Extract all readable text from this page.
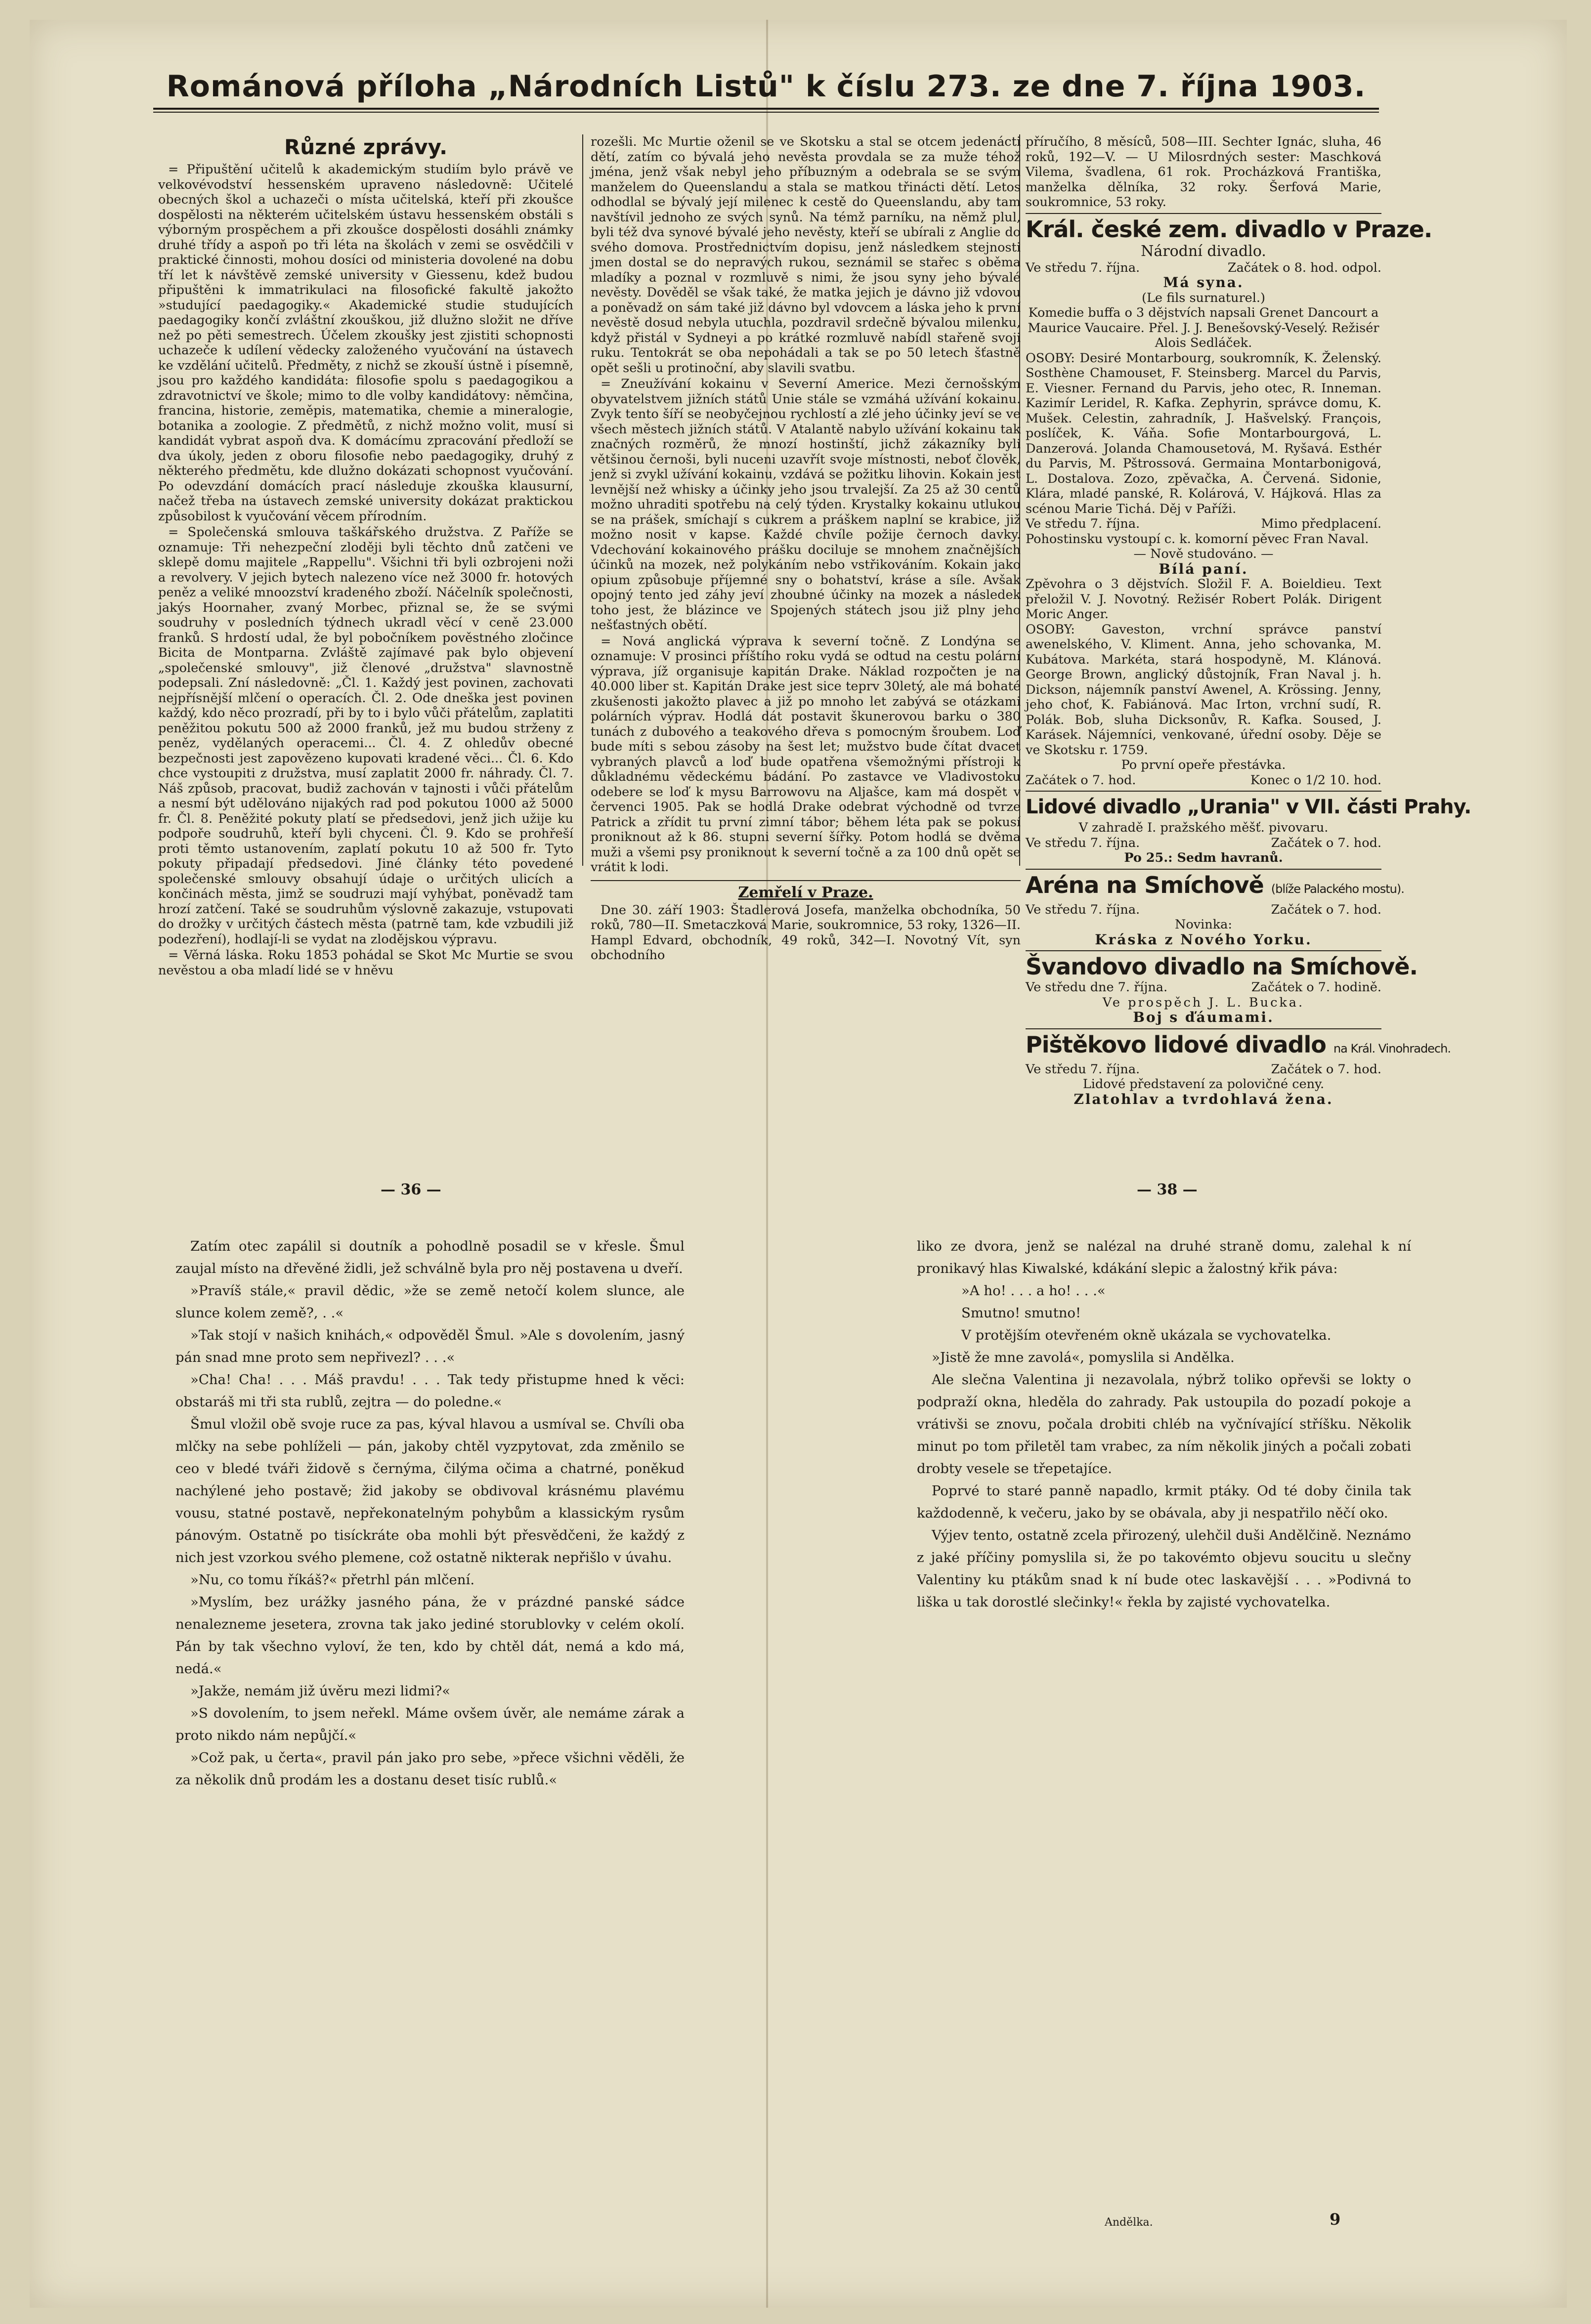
Románová příloha „Národních Listů" k číslu 273. ze dne 7. října 1903.
Různé zprávy.

= Připuštění učitelů k akademickým studiím bylo právě ve velkovévodství hessenském upraveno následovně: Učitelé obecných škol a uchazeči o místa učitelská, kteří při zkoušce dospělosti na některém učitelském ústavu hessenském obstáli s výborným prospěchem a při zkoušce dospělosti dosáhli známky druhé třídy a aspoň po tři léta na školách v zemi se osvědčili v praktické činnosti, mohou dosíci od ministeria dovolené na dobu tří let k návštěvě zemské university v Giessenu, kdež budou připuštěni k immatrikulaci na filosofické fakultě jakožto »studující paedagogiky.« Akademické studie studujících paedagogiky končí zvláštní zkouškou, již dlužno složit ne dříve než po pěti semestrech. Účelem zkoušky jest zjistiti schopnosti uchazeče k udílení vědecky založeného vyučování na ústavech ke vzdělání učitelů. Předměty, z nichž se zkouší ústně i písemně, jsou pro každého kandidáta: filosofie spolu s paedagogikou a zdravotnictví ve škole; mimo to dle volby kandidátovy: němčina, francina, historie, zeměpis, matematika, chemie a mineralogie, botanika a zoologie. Z předmětů, z nichž možno volit, musí si kandidát vybrat aspoň dva. K domácímu zpracování předloží se dva úkoly, jeden z oboru filosofie nebo paedagogiky, druhý z některého předmětu, kde dlužno dokázati schopnost vyučování. Po odevzdání domácích prací následuje zkouška klausurní, načež třeba na ústavech zemské university dokázat praktickou způsobilost k vyučování věcem přírodním.

= Společenská smlouva taškářského družstva. Z Paříže se oznamuje: Tři nehezpeční zloději byli těchto dnů zatčeni ve sklepě domu majitele „Rappellu". Všichni tři byli ozbrojeni noži a revolvery. V jejich bytech nalezeno více než 3000 fr. hotových peněz a veliké mnoozství kradeného zboží. Náčelník společnosti, jakýs Hoornaher, zvaný Morbec, přiznal se, že se svými soudruhy v posledních týdnech ukradl věcí v ceně 23.000 franků. S hrdostí udal, že byl pobočníkem pověstného zločince Bicita de Montparna. Zvláště zajímavé pak bylo objevení „společenské smlouvy", již členové „družstva" slavnostně podepsali. Zní následovně: „Čl. 1. Každý jest povinen, zachovati nejpřísnější mlčení o operacích. Čl. 2. Ode dneška jest povinen každý, kdo něco prozradí, při by to i bylo vůči přátelům, zaplatiti peněžitou pokutu 500 až 2000 franků, jež mu budou strženy z peněz, vydělaných operacemi... Čl. 4. Z ohledův obecné bezpečnosti jest zapovězeno kupovati kradené věci... Čl. 6. Kdo chce vystoupiti z družstva, musí zaplatit 2000 fr. náhrady. Čl. 7. Náš způsob, pracovat, budiž zachován v tajnosti i vůči přátelům a nesmí být udělováno nijakých rad pod pokutou 1000 až 5000 fr. Čl. 8. Peněžité pokuty platí se předsedovi, jenž jich užije ku podpoře soudruhů, kteří byli chyceni. Čl. 9. Kdo se prohřeší proti těmto ustanovením, zaplatí pokutu 10 až 500 fr. Tyto pokuty připadají předsedovi. Jiné články této povedené společenské smlouvy obsahují údaje o určitých ulicích a končinách města, jimž se soudruzi mají vyhýbat, poněvadž tam hrozí zatčení. Také se soudruhům výslovně zakazuje, vstupovati do drožky v určitých částech města (patrně tam, kde vzbudili již podezření), hodlají-li se vydat na zlodějskou výpravu.

= Věrná láska. Roku 1853 pohádal se Skot Mc Murtie se svou nevěstou a oba mladí lidé se v hněvu

rozešli. Mc Murtie oženil se ve Skotsku a stal se otcem jedenácti dětí, zatím co bývalá jeho nevěsta provdala se za muže téhož jména, jenž však nebyl jeho příbuzným a odebrala se se svým manželem do Queenslandu a stala se matkou třinácti dětí. Letos odhodlal se bývalý její milenec k cestě do Queenslandu, aby tam navštívil jednoho ze svých synů. Na témž parníku, na němž plul, byli též dva synové bývalé jeho nevěsty, kteří se ubírali z Anglie do svého domova. Prostřednictvím dopisu, jenž následkem stejnosti jmen dostal se do nepravých rukou, seznámil se stařec s oběma mladíky a poznal v rozmluvě s nimi, že jsou syny jeho bývalé nevěsty. Dověděl se však také, že matka jejich je dávno již vdovou a poněvadž on sám také již dávno byl vdovcem a láska jeho k první nevěstě dosud nebyla utuchla, pozdravil srdečně bývalou milenku, když přistál v Sydneyi a po krátké rozmluvě nabídl stařeně svoji ruku. Tentokrát se oba nepohádali a tak se po 50 letech šťastně opět sešli u protinoční, aby slavili svatbu.

= Zneužívání kokainu v Severní Americe. Mezi černošským obyvatelstvem jižních států Unie stále se vzmáhá užívání kokainu. Zvyk tento šíří se neobyčejnou rychlostí a zlé jeho účinky jeví se ve všech městech jižních států. V Atalantě nabylo užívání kokainu tak značných rozměrů, že mnozí hostinští, jichž zákazníky byli většinou černoši, byli nuceni uzavřít svoje místnosti, neboť člověk, jenž si zvykl užívání kokainu, vzdává se požitku lihovin. Kokain jest levnější než whisky a účinky jeho jsou trvalejší. Za 25 až 30 centů možno uhraditi spotřebu na celý týden. Krystalky kokainu utlukou se na prášek, smíchají s cukrem a práškem naplní se krabice, již možno nosit v kapse. Každé chvíle požije černoch davky. Vdechování kokainového prášku dociluje se mnohem značnějších účinků na mozek, než polykáním nebo vstřikováním. Kokain jako opium způsobuje příjemné sny o bohatství, kráse a síle. Avšak opojný tento jed záhy jeví zhoubné účinky na mozek a následek toho jest, že blázince ve Spojených státech jsou již plny jeho nešťastných obětí.

= Nová anglická výprava k severní točně. Z Londýna se oznamuje: V prosinci příštího roku vydá se odtud na cestu polární výprava, jíž organisuje kapitán Drake. Náklad rozpočten je na 40.000 liber st. Kapitán Drake jest sice teprv 30letý, ale má bohaté zkušenosti jakožto plavec a již po mnoho let zabývá se otázkami polárních výprav. Hodlá dát postavit škunerovou barku o 380 tunách z dubového a teakového dřeva s pomocným šroubem. Loď bude míti s sebou zásoby na šest let; mužstvo bude čítat dvacet vybraných plavců a loď bude opatřena všemožnými přístroji k důkladnému vědeckému bádání. Po zastavce ve Vladivostoku odebere se loď k mysu Barrowovu na Aljašce, kam má dospět v červenci 1905. Pak se hodlá Drake odebrat východně od tvrze Patrick a zřídit tu první zimní tábor; během léta pak se pokusí proniknout až k 86. stupni severní šířky. Potom hodlá se dvěma muži a všemi psy proniknout k severní točně a za 100 dnů opět se vrátit k lodi.

Zemřelí v Praze.

Dne 30. září 1903: Štadlerová Josefa, manželka obchodníka, 50 roků, 780—II. Smetaczková Marie, soukromnice, 53 roky, 1326—II. Hampl Edvard, obchodník, 49 roků, 342—I. Novotný Vít, syn obchodního

příručího, 8 měsíců, 508—III. Sechter Ignác, sluha, 46 roků, 192—V. — U Milosrdných sester: Maschková Vilema, švadlena, 61 rok. Procházková Františka, manželka dělníka, 32 roky. Šerfová Marie, soukromnice, 53 roky.

Král. české zem. divadlo v Praze.
Národní divadlo.
Ve středu 7. října.	Začátek o 8. hod. odpol.
Má syna.
(Le fils surnaturel.)
Komedie buffa o 3 dějstvích napsali Grenet Dancourt a Maurice Vaucaire. Přel. J. J. Benešovský-Veselý. Režisér Alois Sedláček.
OSOBY: Desiré Montarbourg, soukromník, K. Želenský. Sosthène Chamouset, F. Steinsberg. Marcel du Parvis, E. Viesner. Fernand du Parvis, jeho otec, R. Inneman. Kazimír Leridel, R. Kafka. Zephyrin, správce domu, K. Mušek. Celestin, zahradník, J. Hašvelský. François, poslíček, K. Váňa. Sofie Montarbourgová, L. Danzerová. Jolanda Chamousetová, M. Ryšavá. Esthér du Parvis, M. Pštrossová. Germaina Montarbonigová, L. Dostalova. Zozo, zpěvačka, A. Červená. Sidonie, Klára, mladé panské, R. Kolárová, V. Hájková. Hlas za scénou Marie Tichá. Děj v Paříži.
Ve středu 7. října.	Mimo předplacení.
Pohostinsku vystoupí c. k. komorní pěvec Fran Naval.
— Nově studováno. —
Bílá paní.
Zpěvohra o 3 dějstvích. Složil F. A. Boieldieu. Text přeložil V. J. Novotný. Režisér Robert Polák. Dirigent Moric Anger.
OSOBY: Gaveston, vrchní správce panství awenelského, V. Kliment. Anna, jeho schovanka, M. Kubátova. Markéta, stará hospodyně, M. Klánová. George Brown, anglický důstojník, Fran Naval j. h. Dickson, nájemník panství Awenel, A. Krössing. Jenny, jeho choť, K. Fabiánová. Mac Irton, vrchní sudí, R. Polák. Bob, sluha Dicksonův, R. Kafka. Soused, J. Karásek. Nájemníci, venkované, úřední osoby. Děje se ve Skotsku r. 1759.
Po první opeře přestávka.
Začátek o 7. hod.	Konec o 1/2 10. hod.
Lidové divadlo „Urania" v VII. části Prahy.
V zahradě I. pražského měšť. pivovaru.
Ve středu 7. října.	Začátek o 7. hod.
Po 25.: Sedm havranů.
Aréna na Smíchově (blíže Palackého mostu).
Ve středu 7. října.	Začátek o 7. hod.
Novinka:
Kráska z Nového Yorku.
Švandovo divadlo na Smíchově.
Ve středu dne 7. října.	Začátek o 7. hodině.
Ve prospěch J. L. Bucka.
Boj s ďáumami.
Pištěkovo lidové divadlo na Král. Vinohradech.
Ve středu 7. října.	Začátek o 7. hod.
Lidové představení za polovičné ceny.
Zlatohlav a tvrdohlavá žena.
— 36 —	— 38 —

Zatím otec zapálil si doutník a pohodlně posadil se v křesle. Šmul zaujal místo na dřevěné židli, jež schválně byla pro něj postavena u dveří.

»Pravíš stále,« pravil dědic, »že se země netočí kolem slunce, ale slunce kolem země?, . .«

»Tak stojí v našich knihách,« odpověděl Šmul. »Ale s dovolením, jasný pán snad mne proto sem nepřivezl? . . .«

»Cha! Cha! . . . Máš pravdu! . . . Tak tedy přistupme hned k věci: obstaráš mi tři sta rublů, zejtra — do poledne.«

Šmul vložil obě svoje ruce za pas, kýval hlavou a usmíval se. Chvíli oba mlčky na sebe pohlíželi — pán, jakoby chtěl vyzpytovat, zda změnilo se ceo v bledé tváři židově s černýma, čilýma očima a chatrné, poněkud nachýlené jeho postavě; žid jakoby se obdivoval krásnému plavému vousu, statné postavě, nepřekonatelným pohybům a klassickým rysům pánovým. Ostatně po tisíckráte oba mohli být přesvědčeni, že každý z nich jest vzorkou svého plemene, což ostatně nikterak nepřišlo v úvahu.

»Nu, co tomu říkáš?« přetrhl pán mlčení.

»Myslím, bez urážky jasného pána, že v prázdné panské sádce nenalezneme jesetera, zrovna tak jako jediné storublovky v celém okolí. Pán by tak všechno vyloví, že ten, kdo by chtěl dát, nemá a kdo má, nedá.«

»Jakže, nemám již úvěru mezi lidmi?«

»S dovolením, to jsem neřekl. Máme ovšem úvěr, ale nemáme zárak a proto nikdo nám nepůjčí.«

»Což pak, u čerta«, pravil pán jako pro sebe, »přece všichni věděli, že za několik dnů prodám les a dostanu deset tisíc rublů.«

liko ze dvora, jenž se nalézal na druhé straně domu, zalehal k ní pronikavý hlas Kiwalské, kdákání slepic a žalostný křik páva:

»A ho! . . . a ho! . . .«

Smutno! smutno!

V protějším otevřeném okně ukázala se vychovatelka.

»Jistě že mne zavolá«, pomyslila si Andělka.

Ale slečna Valentina ji nezavolala, nýbrž toliko opřevši se lokty o podpraží okna, hleděla do zahrady. Pak ustoupila do pozadí pokoje a vrátivši se znovu, počala drobiti chléb na vyčnívající stříšku. Několik minut po tom přiletěl tam vrabec, za ním několik jiných a počali zobati drobty vesele se třepetajíce.

Poprvé to staré panně napadlo, krmit ptáky. Od té doby činila tak každodenně, k večeru, jako by se obávala, aby ji nespatřilo něčí oko.

Výjev tento, ostatně zcela přirozený, ulehčil duši Andělčině. Neznámo z jaké příčiny pomyslila si, že po takovémto objevu soucitu u slečny Valentiny ku ptákům snad k ní bude otec laskavější . . . »Podivná to liška u tak dorostlé slečinky!« řekla by zajisté vychovatelka.

Andělka.	9
